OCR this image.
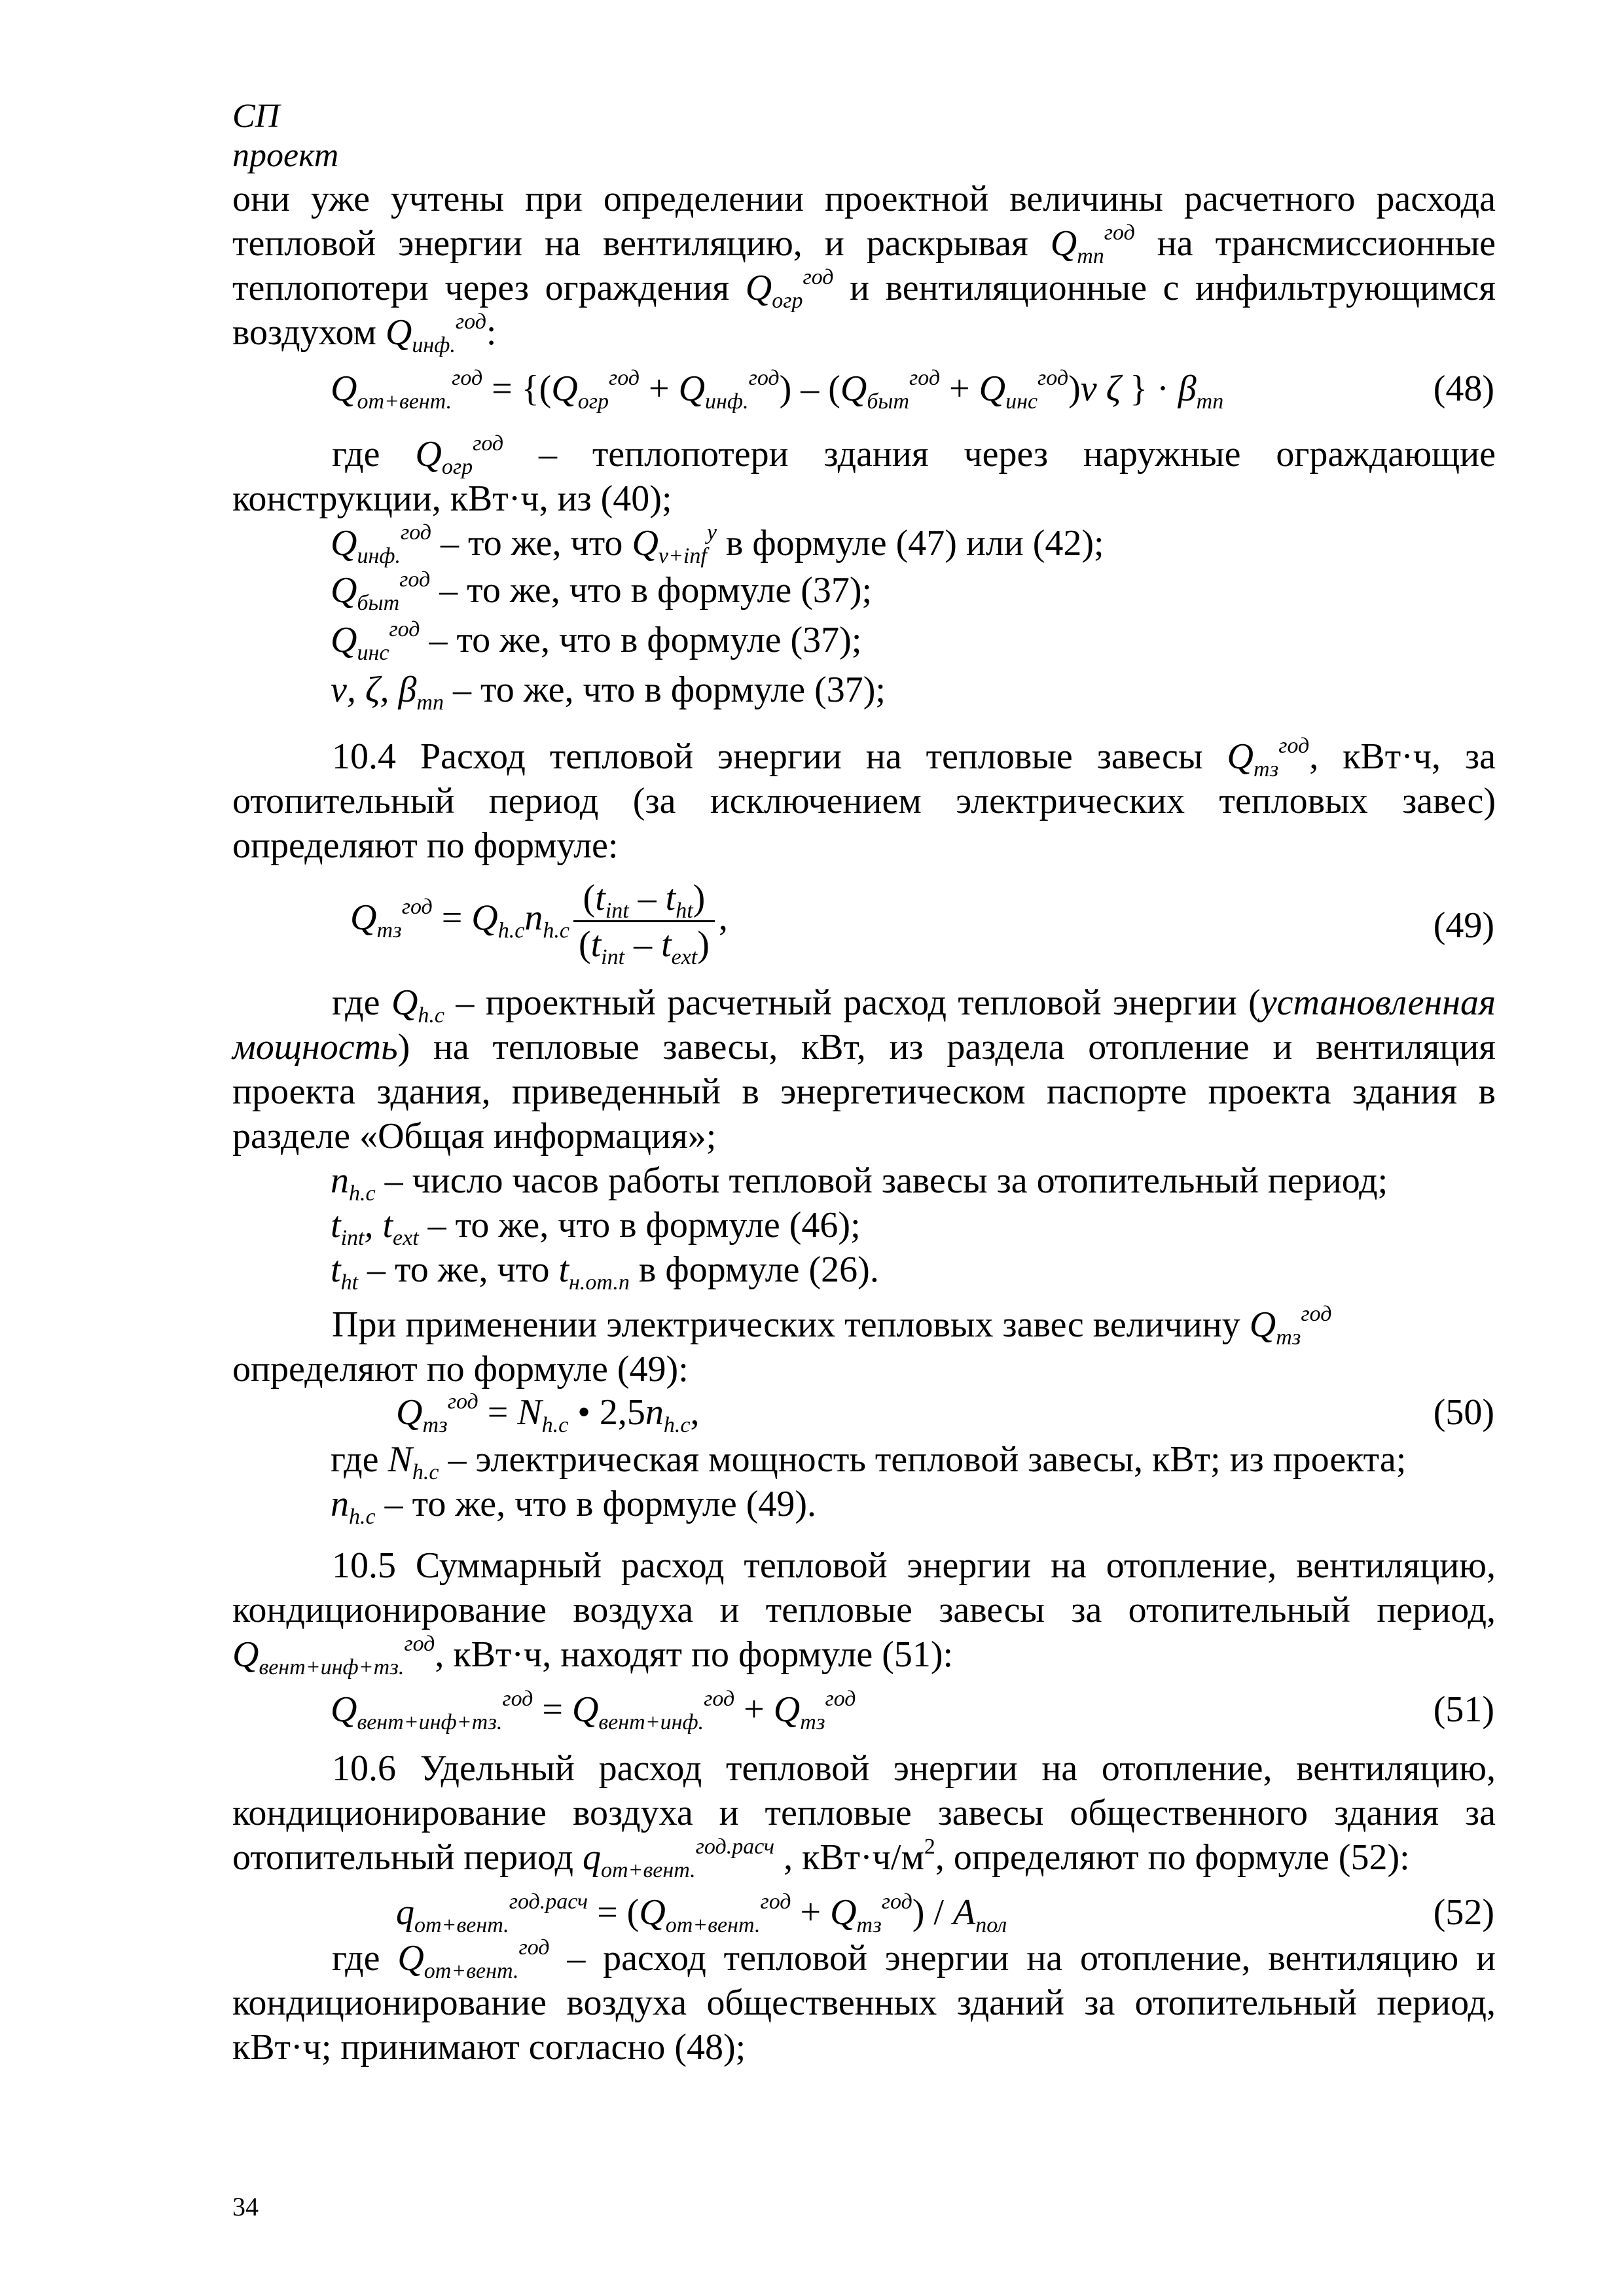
СП
проект
они уже учтены при определении проектной величины расчетного расхода тепловой энергии на вентиляцию, и раскрывая $Q_{тп}^{год}$ на трансмиссионные теплопотери через ограждения $Q_{огр}^{год}$ и вентиляционные с инфильтрующимся воздухом $Q_{инф.}^{год}$:
$Q_{от+вент.}^{год} = \{(Q_{огр}^{год} + Q_{инф.}^{год}) - (Q_{быт}^{год} + Q_{инс}^{год})\nu$ ζ } · $\beta_{тп}$	(48)
где $Q_{огр}^{год}$ – теплопотери здания через наружные ограждающие конструкции, кВт·ч, из (40);
$Q_{инф.}^{год}$ – то же, что $Q_{v+inf}^y$ в формуле (47) или (42);
$Q_{быт}^{год}$ – то же, что в формуле (37);
$Q_{инс}^{год}$ – то же, что в формуле (37);
ν, ζ, $\beta_{тп}$ – то же, что в формуле (37);
10.4 Расход тепловой энергии на тепловые завесы $Q_{тз}^{год}$, кВт·ч, за отопительный период (за исключением электрических тепловых завес) определяют по формуле:
$Q_{тз}^{год} = Q_{h.c}n_{h.c} \frac{(t_{int} - t_{ht})}{(t_{int} - t_{ext})}$ ,	(49)
где $Q_{h.c}$ – проектный расчетный расход тепловой энергии (установленная мощность) на тепловые завесы, кВт, из раздела отопление и вентиляция проекта здания, приведенный в энергетическом паспорте проекта здания в разделе «Общая информация»;
$n_{h.c}$ – число часов работы тепловой завесы за отопительный период;
$t_{int}$, $t_{ext}$ – то же, что в формуле (46);
$t_{ht}$ – то же, что $t_{н.от.п}$ в формуле (26).
При применении электрических тепловых завес величину $Q_{тз}^{год}$
определяют по формуле (49):
$Q_{тз}^{год} = N_{h.c}$ • $2,5n_{h.c}$,	(50)
где $N_{h.c}$ – электрическая мощность тепловой завесы, кВт; из проекта;
$n_{h.c}$ – то же, что в формуле (49).
10.5 Суммарный расход тепловой энергии на отопление, вентиляцию, кондиционирование воздуха и тепловые завесы за отопительный период, $Q_{вент+инф+тз.}^{год}$, кВт·ч, находят по формуле (51):
$Q_{вент+инф+тз.}^{год} = Q_{вент+инф.}^{год} + Q_{тз}^{год}$	(51)
10.6 Удельный расход тепловой энергии на отопление, вентиляцию, кондиционирование воздуха и тепловые завесы общественного здания за отопительный период $q_{от+вент.}^{год.расч}$ , $кВт\cdot ч/м^2$, определяют по формуле (52):
$q_{от+вент.}^{год.расч} = (Q_{от+вент.}^{год} + Q_{тз}^{год}) / A_{пол}$	(52)
где $Q_{от+вент.}^{год}$ – расход тепловой энергии на отопление, вентиляцию и кондиционирование воздуха общественных зданий за отопительный период, кВт·ч; принимают согласно (48);
34
